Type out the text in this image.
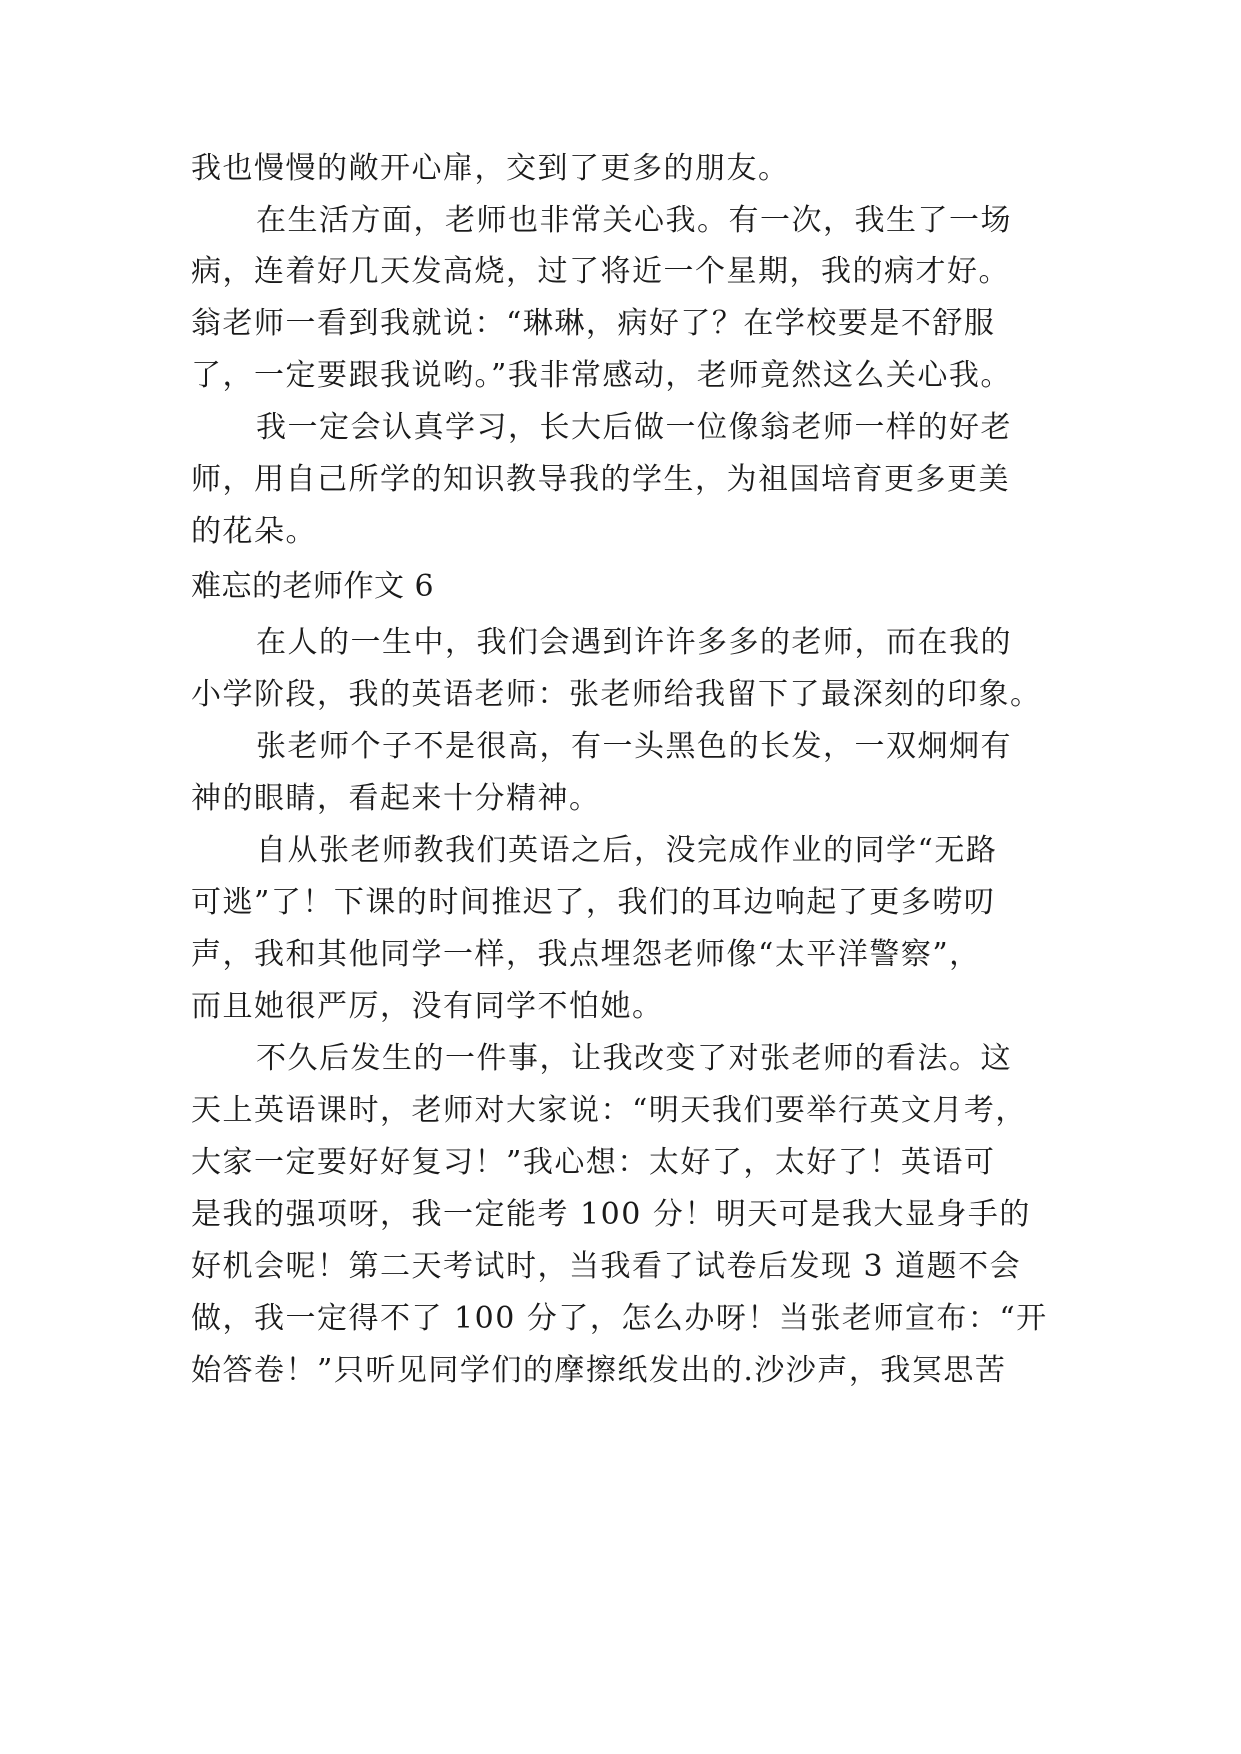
我也慢慢的敞开心扉，交到了更多的朋友。

在生活方面，老师也非常关心我。有一次，我生了一场

病，连着好几天发高烧，过了将近一个星期，我的病才好。

翁老师一看到我就说：“琳琳，病好了？在学校要是不舒服

了，一定要跟我说哟。”我非常感动，老师竟然这么关心我。

我一定会认真学习，长大后做一位像翁老师一样的好老

师，用自己所学的知识教导我的学生，为祖国培育更多更美

的花朵。

难忘的老师作文 6

在人的一生中，我们会遇到许许多多的老师，而在我的

小学阶段，我的英语老师：张老师给我留下了最深刻的印象。

张老师个子不是很高，有一头黑色的长发，一双炯炯有

神的眼睛，看起来十分精神。

自从张老师教我们英语之后，没完成作业的同学“无路

可逃”了！下课的时间推迟了，我们的耳边响起了更多唠叨

声，我和其他同学一样，我点埋怨老师像“太平洋警察”，

而且她很严厉，没有同学不怕她。

不久后发生的一件事，让我改变了对张老师的看法。这

天上英语课时，老师对大家说：“明天我们要举行英文月考，

大家一定要好好复习！”我心想：太好了，太好了！英语可

是我的强项呀，我一定能考 100 分！明天可是我大显身手的

好机会呢！第二天考试时，当我看了试卷后发现 3 道题不会

做，我一定得不了 100 分了，怎么办呀！当张老师宣布：“开

始答卷！”只听见同学们的摩擦纸发出的.沙沙声，我冥思苦
